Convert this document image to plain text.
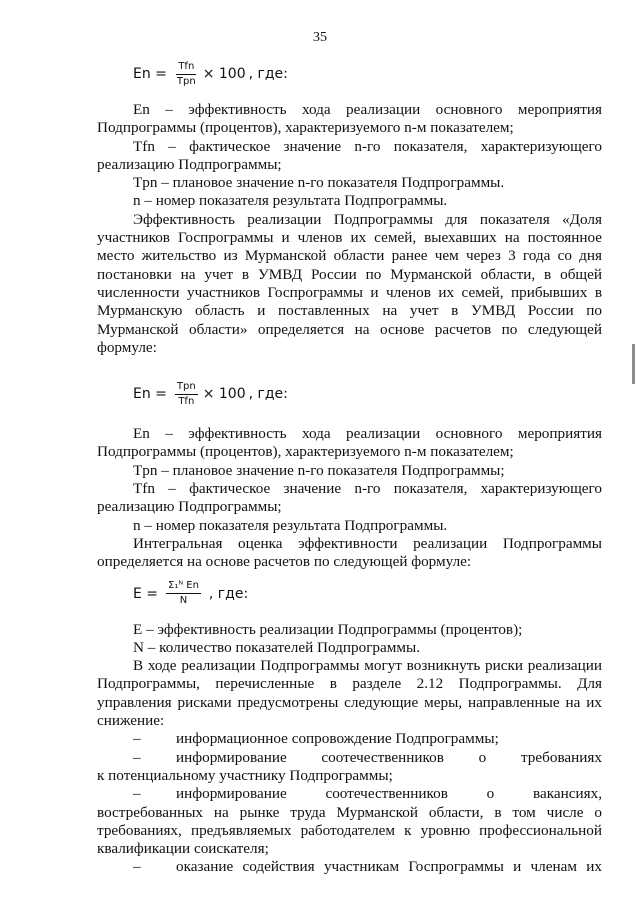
35
$En = \frac{\text{Tfn}}{\text{Tpn}} \times 100$ , где:

En – эффективность хода реализации основного мероприятия Подпрограммы (процентов), характеризуемого n-м показателем;

Tfn – фактическое значение n-го показателя, характеризующего реализацию Подпрограммы;

Tpn – плановое значение n-го показателя Подпрограммы.

n – номер показателя результата Подпрограммы.

Эффективность реализации Подпрограммы для показателя «Доля участников Госпрограммы и членов их семей, выехавших на постоянное место жительство из Мурманской области ранее чем через 3 года со дня постановки на учет в УМВД России по Мурманской области, в общей численности участников Госпрограммы и членов их семей, прибывших в Мурманскую область и поставленных на учет в УМВД России по Мурманской области» определяется на основе расчетов по следующей формуле:

$En = \frac{\text{Tpn}}{\text{Tfn}} \times 100$ , где:

En – эффективность хода реализации основного мероприятия Подпрограммы (процентов), характеризуемого n-м показателем;

Tpn – плановое значение n-го показателя Подпрограммы;

Tfn – фактическое значение n-го показателя, характеризующего реализацию Подпрограммы;

n – номер показателя результата Подпрограммы.

Интегральная оценка эффективности реализации Подпрограммы определяется на основе расчетов по следующей формуле:

$E = \frac{\text{Σ₁ᴺ En}}{N}$ , где:

E – эффективность реализации Подпрограммы (процентов);

N – количество показателей Подпрограммы.

В ходе реализации Подпрограммы могут возникнуть риски реализации Подпрограммы, перечисленные в разделе 2.12 Подпрограммы. Для управления рисками предусмотрены следующие меры, направленные на их снижение:

–	информационное сопровождение Подпрограммы;
–	информирование соотечественников о требованиях

к потенциальному участнику Подпрограммы;

–	информирование соотечественников о вакансиях,

востребованных на рынке труда Мурманской области, в том числе о требованиях, предъявляемых работодателем к уровню профессиональной квалификации соискателя;

–	оказание содействия участникам Госпрограммы и членам их
